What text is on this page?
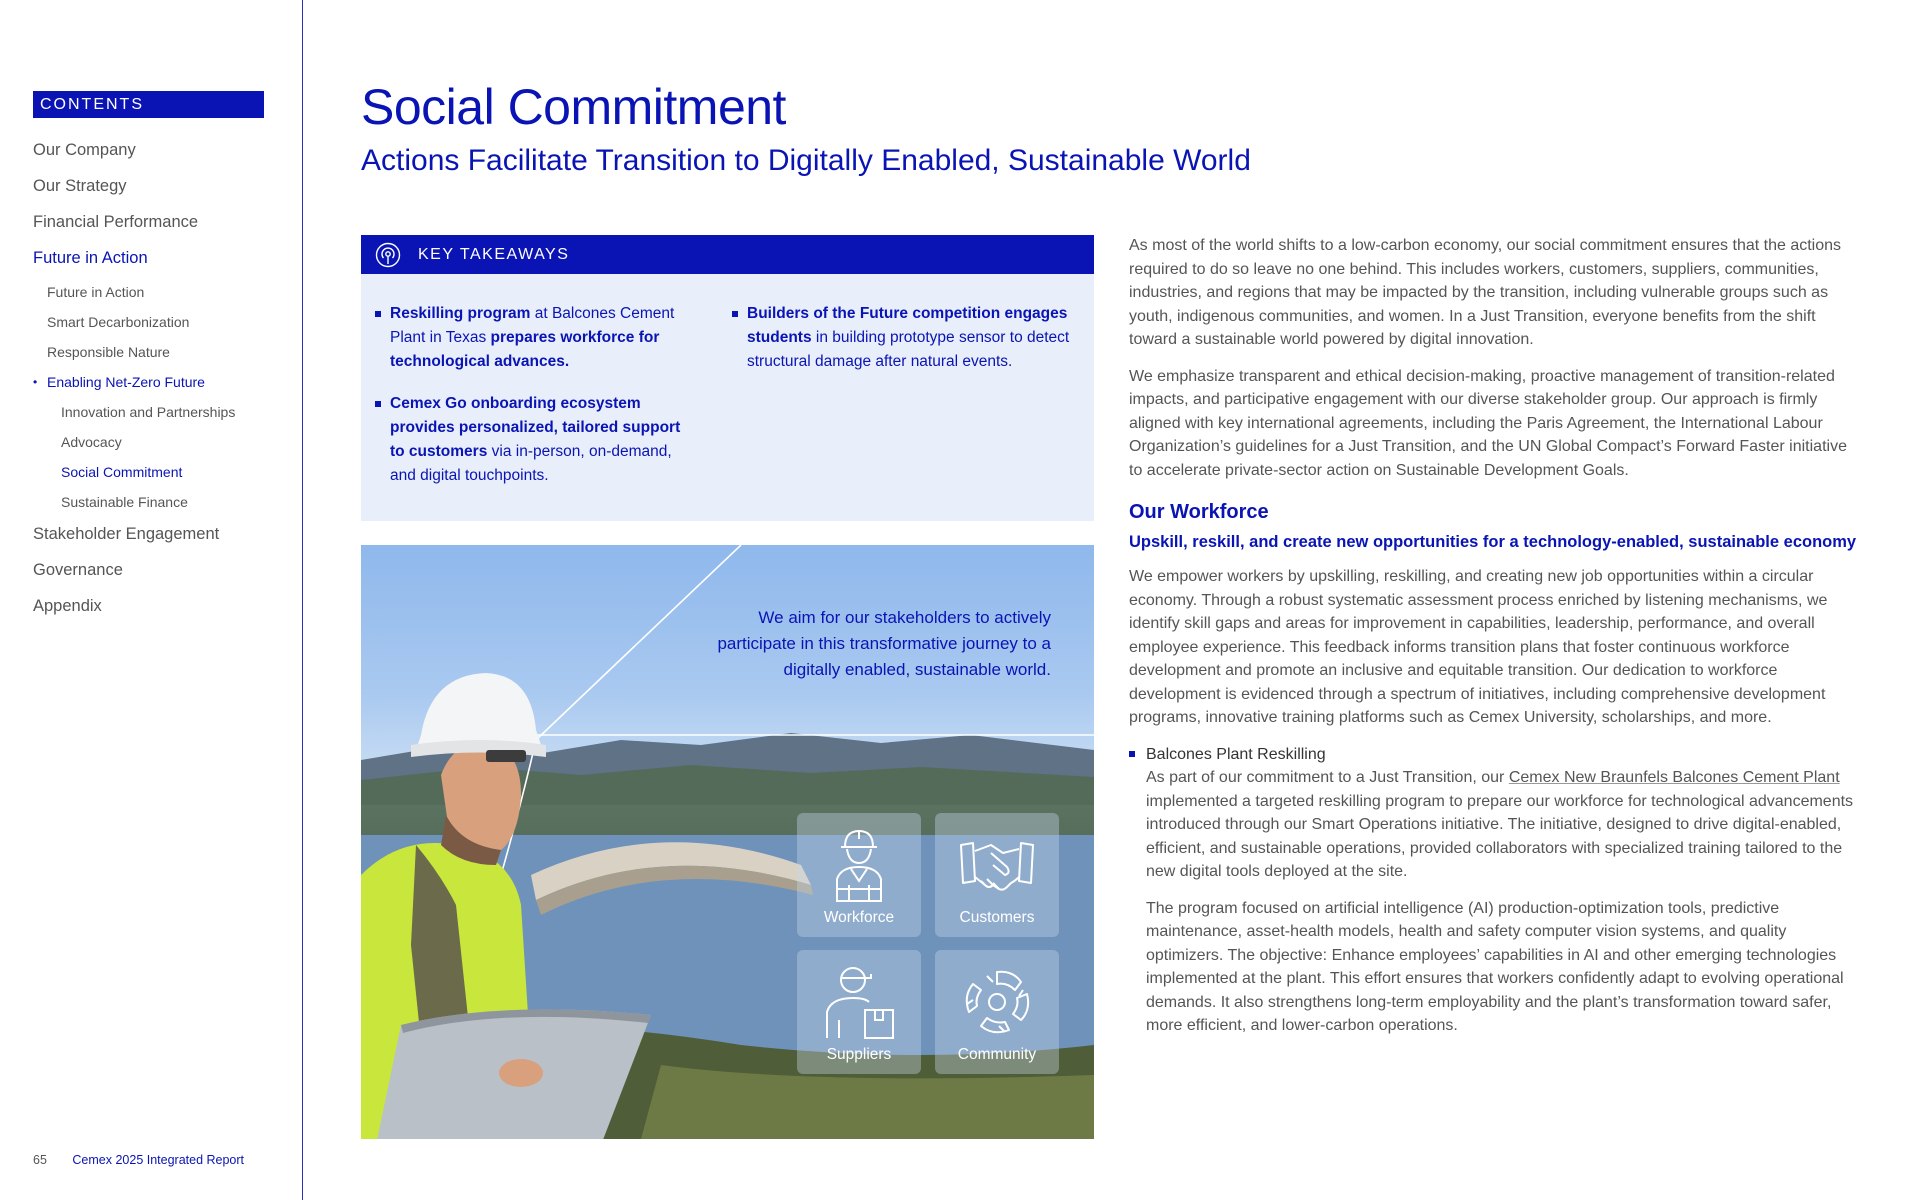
CONTENTS
Our Company
Our Strategy
Financial Performance
Future in Action
Future in Action
Smart Decarbonization
Responsible Nature
• Enabling Net-Zero Future
Innovation and Partnerships
Advocacy
Social Commitment
Sustainable Finance
Stakeholder Engagement
Governance
Appendix
65 Cemex 2025 Integrated Report
Social Commitment
Actions Facilitate Transition to Digitally Enabled, Sustainable World
KEY TAKEAWAYS

Reskilling program at Balcones Cement Plant in Texas prepares workforce for technological advances.

Cemex Go onboarding ecosystem provides personalized, tailored support to customers via in-person, on-demand, and digital touchpoints.

Builders of the Future competition engages students in building prototype sensor to detect structural damage after natural events.

We aim for our stakeholders to actively participate in this transformative journey to a digitally enabled, sustainable world.

Workforce	Customers
Suppliers	Community

As most of the world shifts to a low-carbon economy, our social commitment ensures that the actions required to do so leave no one behind. This includes workers, customers, suppliers, communities, industries, and regions that may be impacted by the transition, including vulnerable groups such as youth, indigenous communities, and women. In a Just Transition, everyone benefits from the shift toward a sustainable world powered by digital innovation.

We emphasize transparent and ethical decision-making, proactive management of transition-related impacts, and participative engagement with our diverse stakeholder group. Our approach is firmly aligned with key international agreements, including the Paris Agreement, the International Labour Organization’s guidelines for a Just Transition, and the UN Global Compact’s Forward Faster initiative to accelerate private-sector action on Sustainable Development Goals.

Our Workforce
Upskill, reskill, and create new opportunities for a technology-enabled, sustainable economy

We empower workers by upskilling, reskilling, and creating new job opportunities within a circular economy. Through a robust systematic assessment process enriched by listening mechanisms, we identify skill gaps and areas for improvement in capabilities, leadership, performance, and overall employee experience. This feedback informs transition plans that foster continuous workforce development and promote an inclusive and equitable transition. Our dedication to workforce development is evidenced through a spectrum of initiatives, including comprehensive development programs, innovative training platforms such as Cemex University, scholarships, and more.

Balcones Plant Reskilling

As part of our commitment to a Just Transition, our Cemex New Braunfels Balcones Cement Plant implemented a targeted reskilling program to prepare our workforce for technological advancements introduced through our Smart Operations initiative. The initiative, designed to drive digital-enabled, efficient, and sustainable operations, provided collaborators with specialized training tailored to the new digital tools deployed at the site.

The program focused on artificial intelligence (AI) production-optimization tools, predictive maintenance, asset-health models, health and safety computer vision systems, and quality optimizers. The objective: Enhance employees’ capabilities in AI and other emerging technologies implemented at the plant. This effort ensures that workers confidently adapt to evolving operational demands. It also strengthens long-term employability and the plant’s transformation toward safer, more efficient, and lower-carbon operations.
